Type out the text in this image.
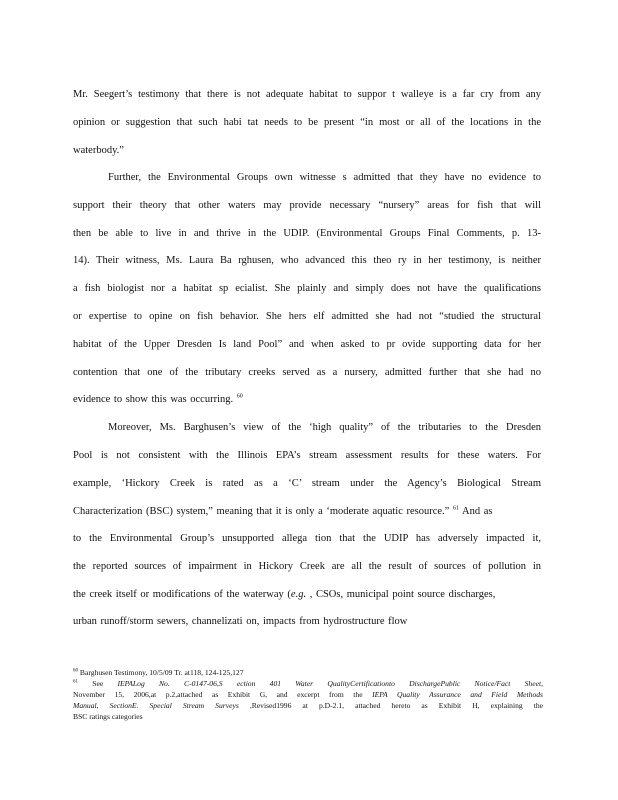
Mr. Seegert’s testimony that there is not adequate habitat to suppor t walleye is a far cry from any
opinion or suggestion that such habi tat needs to be present “in most or all of the locations in the
waterbody.”
Further, the Environmental Groups own witnesse s admitted that they have no evidence to
support their theory that other waters may provide necessary “nursery” areas for fish that will
then be able to live in and thrive in the UDIP. (Environmental Groups Final Comments, p. 13-
14). Their witness, Ms. Laura Ba rghusen, who advanced this theo ry in her testimony, is neither
a fish biologist nor a habitat sp ecialist. She plainly and simply does not have the qualifications
or expertise to opine on fish behavior. She hers elf admitted she had not “studied the structural
habitat of the Upper Dresden Is land Pool” and when asked to pr ovide supporting data for her
contention that one of the tributary creeks served as a nursery, admitted further that she had no
evidence to show this was occurring. $^{60}$
Moreover, Ms. Barghusen’s view of the ‘high quality” of the tributaries to the Dresden
Pool is not consistent with the Illinois EPA’s stream assessment results for these waters. For
example, ‘Hickory Creek is rated as a ‘C’ stream under the Agency’s Biological Stream
Characterization (BSC) system,” meaning that it is only a ‘moderate aquatic resource.” $^{61}$ And as
to the Environmental Group’s unsupported allega tion that the UDIP has adversely impacted it,
the reported sources of impairment in Hickory Creek are all the result of sources of pollution in
the creek itself or modifications of the waterway (e.g. , CSOs, municipal point source discharges,
urban runoff/storm sewers, channelizati on, impacts from hydrostructure flow
$^{60}$ Barghusen Testimony, 10/5/09 Tr. at118, 124-125,127
$^{61}$ See IEPALog No. C-0147-06,S ection 401 Water QualityCertificationto DischargePublic Notice/Fact Sheet,
November 15, 2006,at p.2,attached as Exhibit G, and excerpt from the IEPA Quality Assurance and Field Methods
Manual, SectionE. Special Stream Surveys ,Revised1996 at p.D-2.1, attached hereto as Exhibit H, explaining the
BSC ratings categories
